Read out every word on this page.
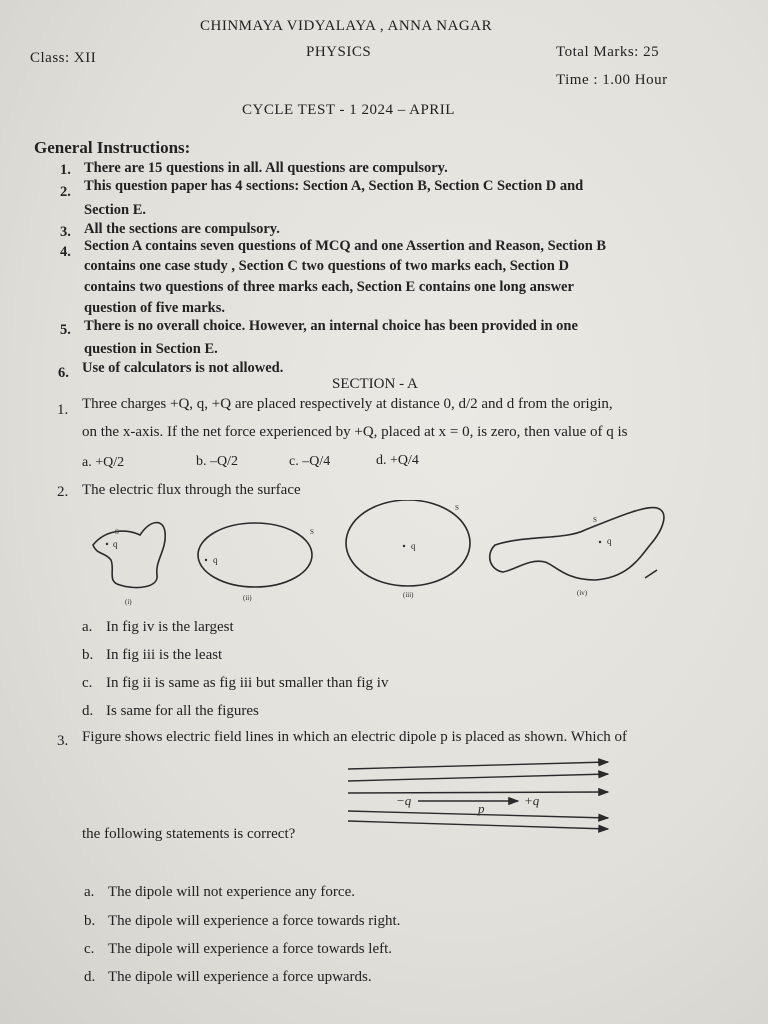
CHINMAYA VIDYALAYA , ANNA NAGAR
Class: XII	PHYSICS	Total Marks: 25
Time : 1.00 Hour
CYCLE TEST - 1 2024 – APRIL
General Instructions:
1. There are 15 questions in all. All questions are compulsory.
2. This question paper has 4 sections: Section A, Section B, Section C Section D and
Section E.
3. All the sections are compulsory.
4. Section A contains seven questions of MCQ and one Assertion and Reason, Section B
contains one case study , Section C two questions of two marks each, Section D
contains two questions of three marks each, Section E contains one long answer
question of five marks.
5. There is no overall choice. However, an internal choice has been provided in one
question in Section E.
6. Use of calculators is not allowed.
SECTION - A
1. Three charges +Q, q, +Q are placed respectively at distance 0, d/2 and d from the origin,
on the x-axis. If the net force experienced by +Q, placed at x = 0, is zero, then value of q is
a. +Q/2	b. –Q/2	c. –Q/4	d. +Q/4
2. The electric flux through the surface
q
q
q	q
(i)	(ii)	(iii)	(iv)
S	S
S
S
a. In fig iv is the largest
b. In fig iii is the least
c. In fig ii is same as fig iii but smaller than fig iv
d. Is same for all the figures
3. Figure shows electric field lines in which an electric dipole p is placed as shown. Which of
−q	+q
p
the following statements is correct?
a. The dipole will not experience any force.
b. The dipole will experience a force towards right.
c. The dipole will experience a force towards left.
d. The dipole will experience a force upwards.
